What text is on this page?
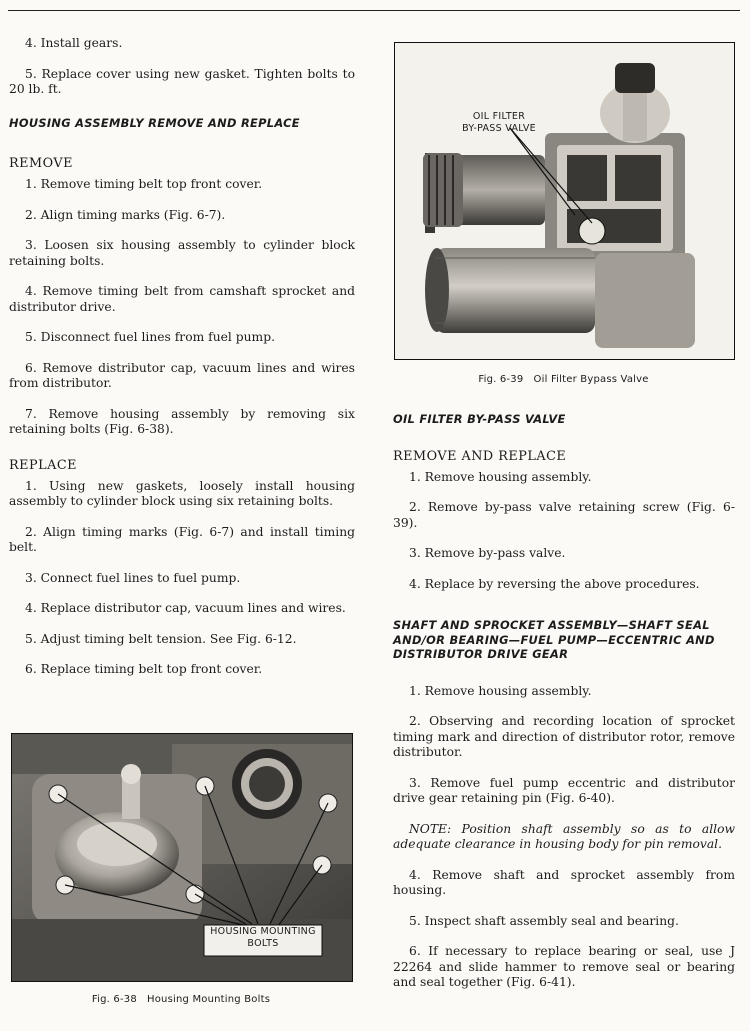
4. Install gears.

5. Replace cover using new gasket. Tighten bolts to 20 lb. ft.

HOUSING ASSEMBLY REMOVE AND REPLACE

REMOVE

1. Remove timing belt top front cover.

2. Align timing marks (Fig. 6-7).

3. Loosen six housing assembly to cylinder block retaining bolts.

4. Remove timing belt from camshaft sprocket and distributor drive.

5. Disconnect fuel lines from fuel pump.

6. Remove distributor cap, vacuum lines and wires from distributor.

7. Remove housing assembly by removing six retaining bolts (Fig. 6-38).

REPLACE

1. Using new gaskets, loosely install housing assembly to cylinder block using six retaining bolts.

2. Align timing marks (Fig. 6-7) and install timing belt.

3. Connect fuel lines to fuel pump.

4. Replace distributor cap, vacuum lines and wires.

5. Adjust timing belt tension. See Fig. 6-12.

6. Replace timing belt top front cover.

HOUSING MOUNTING
BOLTS

Fig. 6-38   Housing Mounting Bolts

OIL FILTER
BY-PASS VALVE

Fig. 6-39   Oil Filter Bypass Valve

OIL FILTER BY-PASS VALVE

REMOVE AND REPLACE

1. Remove housing assembly.

2. Remove by-pass valve retaining screw (Fig. 6-39).

3. Remove by-pass valve.

4. Replace by reversing the above procedures.

SHAFT AND SPROCKET ASSEMBLY—SHAFT SEAL AND/OR BEARING—FUEL PUMP—ECCENTRIC AND DISTRIBUTOR DRIVE GEAR

1. Remove housing assembly.

2. Observing and recording location of sprocket timing mark and direction of distributor rotor, remove distributor.

3. Remove fuel pump eccentric and distributor drive gear retaining pin (Fig. 6-40).

NOTE: Position shaft assembly so as to allow adequate clearance in housing body for pin removal.

4. Remove shaft and sprocket assembly from housing.

5. Inspect shaft assembly seal and bearing.

6. If necessary to replace bearing or seal, use J 22264 and slide hammer to remove seal or bearing and seal together (Fig. 6-41).
